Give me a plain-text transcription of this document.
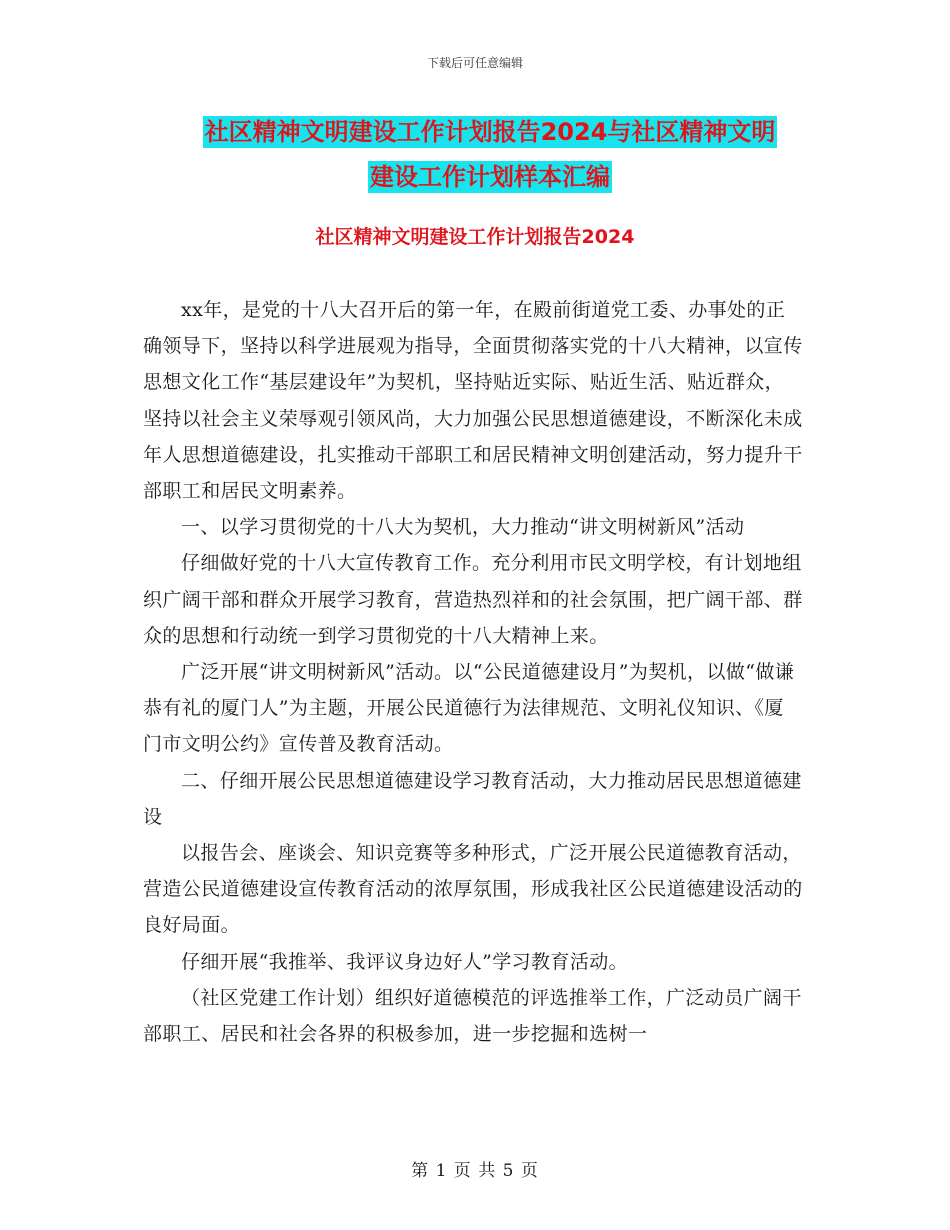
下载后可任意编辑
社区精神文明建设工作计划报告2024与社区精神文明
建设工作计划样本汇编
社区精神文明建设工作计划报告2024

xx年，是党的十八大召开后的第一年，在殿前街道党工委、办事处的正确领导下，坚持以科学进展观为指导，全面贯彻落实党的十八大精神，以宣传思想文化工作“基层建设年”为契机，坚持贴近实际、贴近生活、贴近群众，坚持以社会主义荣辱观引领风尚，大力加强公民思想道德建设，不断深化未成年人思想道德建设，扎实推动干部职工和居民精神文明创建活动，努力提升干部职工和居民文明素养。

一、以学习贯彻党的十八大为契机，大力推动“讲文明树新风”活动

仔细做好党的十八大宣传教育工作。充分利用市民文明学校，有计划地组织广阔干部和群众开展学习教育，营造热烈祥和的社会氛围，把广阔干部、群众的思想和行动统一到学习贯彻党的十八大精神上来。

广泛开展“讲文明树新风”活动。以“公民道德建设月”为契机，以做“做谦恭有礼的厦门人”为主题，开展公民道德行为法律规范、文明礼仪知识、《厦门市文明公约》宣传普及教育活动。

二、仔细开展公民思想道德建设学习教育活动，大力推动居民思想道德建设

以报告会、座谈会、知识竞赛等多种形式，广泛开展公民道德教育活动，营造公民道德建设宣传教育活动的浓厚氛围，形成我社区公民道德建设活动的良好局面。

仔细开展“我推举、我评议身边好人”学习教育活动。

（社区党建工作计划）组织好道德模范的评选推举工作，广泛动员广阔干部职工、居民和社会各界的积极参加，进一步挖掘和选树一

第 1 页 共 5 页
